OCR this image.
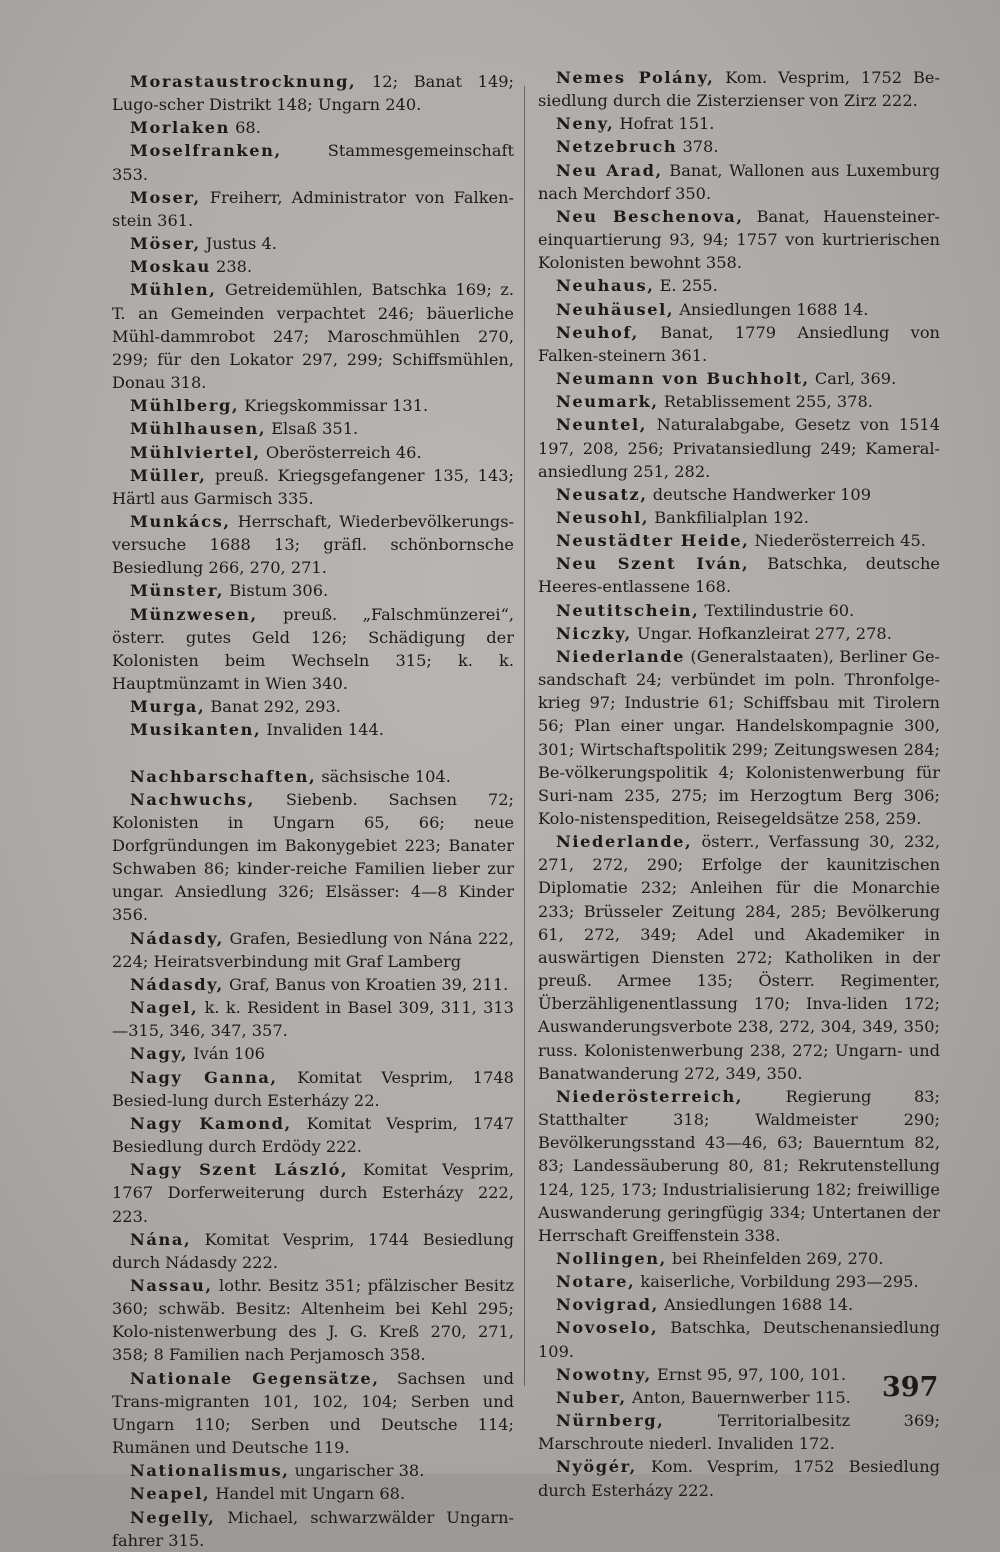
Morastaustrocknung, 12; Banat 149; Lugo-scher Distrikt 148; Ungarn 240.

Morlaken 68.

Moselfranken, Stammesgemeinschaft 353.

Moser, Freiherr, Administrator von Falken-stein 361.

Möser, Justus 4.

Moskau 238.

Mühlen, Getreidemühlen, Batschka 169; z. T. an Gemeinden verpachtet 246; bäuerliche Mühl-dammrobot 247; Maroschmühlen 270, 299; für den Lokator 297, 299; Schiffsmühlen, Donau 318.

Mühlberg, Kriegskommissar 131.

Mühlhausen, Elsaß 351.

Mühlviertel, Oberösterreich 46.

Müller, preuß. Kriegsgefangener 135, 143; Härtl aus Garmisch 335.

Munkács, Herrschaft, Wiederbevölkerungs-versuche 1688 13; gräfl. schönbornsche Besiedlung 266, 270, 271.

Münster, Bistum 306.

Münzwesen, preuß. „Falschmünzerei“, österr. gutes Geld 126; Schädigung der Kolonisten beim Wechseln 315; k. k. Hauptmünzamt in Wien 340.

Murga, Banat 292, 293.

Musikanten, Invaliden 144.

Nachbarschaften, sächsische 104.

Nachwuchs, Siebenb. Sachsen 72; Kolonisten in Ungarn 65, 66; neue Dorfgründungen im Bakonygebiet 223; Banater Schwaben 86; kinder-reiche Familien lieber zur ungar. Ansiedlung 326; Elsässer: 4—8 Kinder 356.

Nádasdy, Grafen, Besiedlung von Nána 222, 224; Heiratsverbindung mit Graf Lamberg

Nádasdy, Graf, Banus von Kroatien 39, 211.

Nagel, k. k. Resident in Basel 309, 311, 313—315, 346, 347, 357.

Nagy, Iván 106

Nagy Ganna, Komitat Vesprim, 1748 Besied-lung durch Esterházy 22.

Nagy Kamond, Komitat Vesprim, 1747 Besiedlung durch Erdödy 222.

Nagy Szent László, Komitat Vesprim, 1767 Dorferweiterung durch Esterházy 222, 223.

Nána, Komitat Vesprim, 1744 Besiedlung durch Nádasdy 222.

Nassau, lothr. Besitz 351; pfälzischer Besitz 360; schwäb. Besitz: Altenheim bei Kehl 295; Kolo-nistenwerbung des J. G. Kreß 270, 271, 358; 8 Familien nach Perjamosch 358.

Nationale Gegensätze, Sachsen und Trans-migranten 101, 102, 104; Serben und Ungarn 110; Serben und Deutsche 114; Rumänen und Deutsche 119.

Nationalismus, ungarischer 38.

Neapel, Handel mit Ungarn 68.

Negelly, Michael, schwarzwälder Ungarn-fahrer 315.

Nemes Polány, Kom. Vesprim, 1752 Be-siedlung durch die Zisterzienser von Zirz 222.

Neny, Hofrat 151.

Netzebruch 378.

Neu Arad, Banat, Wallonen aus Luxemburg nach Merchdorf 350.

Neu Beschenova, Banat, Hauensteiner-einquartierung 93, 94; 1757 von kurtrierischen Kolonisten bewohnt 358.

Neuhaus, E. 255.

Neuhäusel, Ansiedlungen 1688 14.

Neuhof, Banat, 1779 Ansiedlung von Falken-steinern 361.

Neumann von Buchholt, Carl, 369.

Neumark, Retablissement 255, 378.

Neuntel, Naturalabgabe, Gesetz von 1514 197, 208, 256; Privatansiedlung 249; Kameral-ansiedlung 251, 282.

Neusatz, deutsche Handwerker 109

Neusohl, Bankfilialplan 192.

Neustädter Heide, Niederösterreich 45.

Neu Szent Iván, Batschka, deutsche Heeres-entlassene 168.

Neutitschein, Textilindustrie 60.

Niczky, Ungar. Hofkanzleirat 277, 278.

Niederlande (Generalstaaten), Berliner Ge-sandschaft 24; verbündet im poln. Thronfolge-krieg 97; Industrie 61; Schiffsbau mit Tirolern 56; Plan einer ungar. Handelskompagnie 300, 301; Wirtschaftspolitik 299; Zeitungswesen 284; Be-völkerungspolitik 4; Kolonistenwerbung für Suri-nam 235, 275; im Herzogtum Berg 306; Kolo-nistenspedition, Reisegeldsätze 258, 259.

Niederlande, österr., Verfassung 30, 232, 271, 272, 290; Erfolge der kaunitzischen Diplomatie 232; Anleihen für die Monarchie 233; Brüsseler Zeitung 284, 285; Bevölkerung 61, 272, 349; Adel und Akademiker in auswärtigen Diensten 272; Katholiken in der preuß. Armee 135; Österr. Regimenter, Überzähligenentlassung 170; Inva-liden 172; Auswanderungsverbote 238, 272, 304, 349, 350; russ. Kolonistenwerbung 238, 272; Ungarn- und Banatwanderung 272, 349, 350.

Niederösterreich, Regierung 83; Statthalter 318; Waldmeister 290; Bevölkerungsstand 43—46, 63; Bauerntum 82, 83; Landessäuberung 80, 81; Rekrutenstellung 124, 125, 173; Industrialisierung 182; freiwillige Auswanderung geringfügig 334; Untertanen der Herrschaft Greiffenstein 338.

Nollingen, bei Rheinfelden 269, 270.

Notare, kaiserliche, Vorbildung 293—295.

Novigrad, Ansiedlungen 1688 14.

Novoselo, Batschka, Deutschenansiedlung 109.

Nowotny, Ernst 95, 97, 100, 101.

Nuber, Anton, Bauernwerber 115.

Nürnberg, Territorialbesitz 369; Marschroute niederl. Invaliden 172.

Nyögér, Kom. Vesprim, 1752 Besiedlung durch Esterházy 222.

397
